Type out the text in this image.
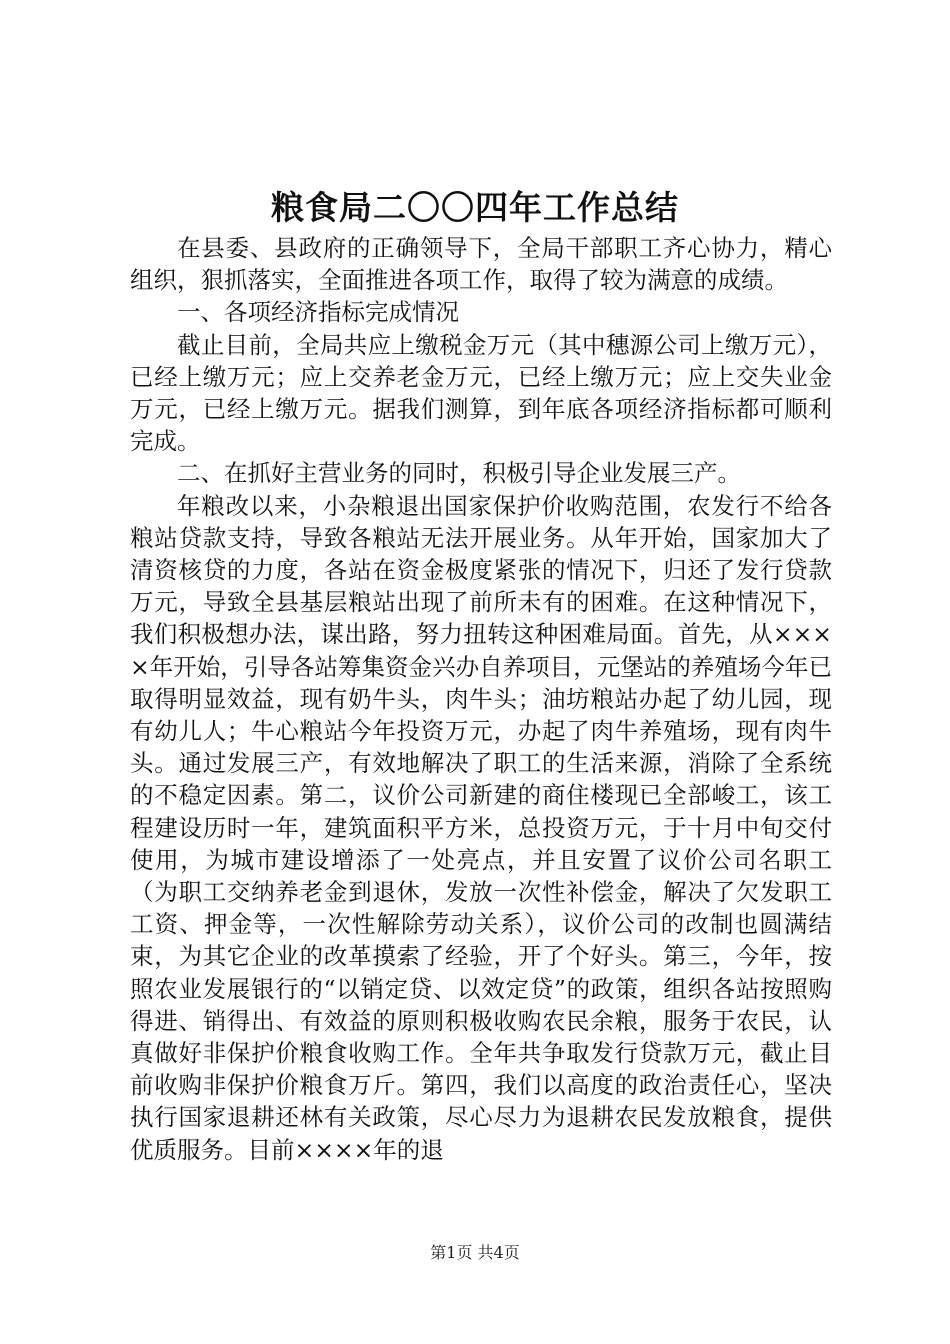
粮食局二〇〇四年工作总结

在县委、县政府的正确领导下，全局干部职工齐心协力，精心组织，狠抓落实，全面推进各项工作，取得了较为满意的成绩。

一、各项经济指标完成情况

截止目前，全局共应上缴税金万元（其中穗源公司上缴万元），已经上缴万元；应上交养老金万元，已经上缴万元；应上交失业金万元，已经上缴万元。据我们测算，到年底各项经济指标都可顺利完成。

二、在抓好主营业务的同时，积极引导企业发展三产。

年粮改以来，小杂粮退出国家保护价收购范围，农发行不给各粮站贷款支持，导致各粮站无法开展业务。从年开始，国家加大了清资核贷的力度，各站在资金极度紧张的情况下，归还了发行贷款万元，导致全县基层粮站出现了前所未有的困难。在这种情况下，我们积极想办法，谋出路，努力扭转这种困难局面。首先，从××××年开始，引导各站筹集资金兴办自养项目，元堡站的养殖场今年已取得明显效益，现有奶牛头，肉牛头；油坊粮站办起了幼儿园，现有幼儿人；牛心粮站今年投资万元，办起了肉牛养殖场，现有肉牛头。通过发展三产，有效地解决了职工的生活来源，消除了全系统的不稳定因素。第二，议价公司新建的商住楼现已全部峻工，该工程建设历时一年，建筑面积平方米，总投资万元，于十月中旬交付使用，为城市建设增添了一处亮点，并且安置了议价公司名职工（为职工交纳养老金到退休，发放一次性补偿金，解决了欠发职工工资、押金等，一次性解除劳动关系），议价公司的改制也圆满结束，为其它企业的改革摸索了经验，开了个好头。第三，今年，按照农业发展银行的“以销定贷、以效定贷”的政策，组织各站按照购得进、销得出、有效益的原则积极收购农民余粮，服务于农民，认真做好非保护价粮食收购工作。全年共争取发行贷款万元，截止目前收购非保护价粮食万斤。第四，我们以高度的政治责任心，坚决执行国家退耕还林有关政策，尽心尽力为退耕农民发放粮食，提供优质服务。目前××××年的退

第1页 共4页
